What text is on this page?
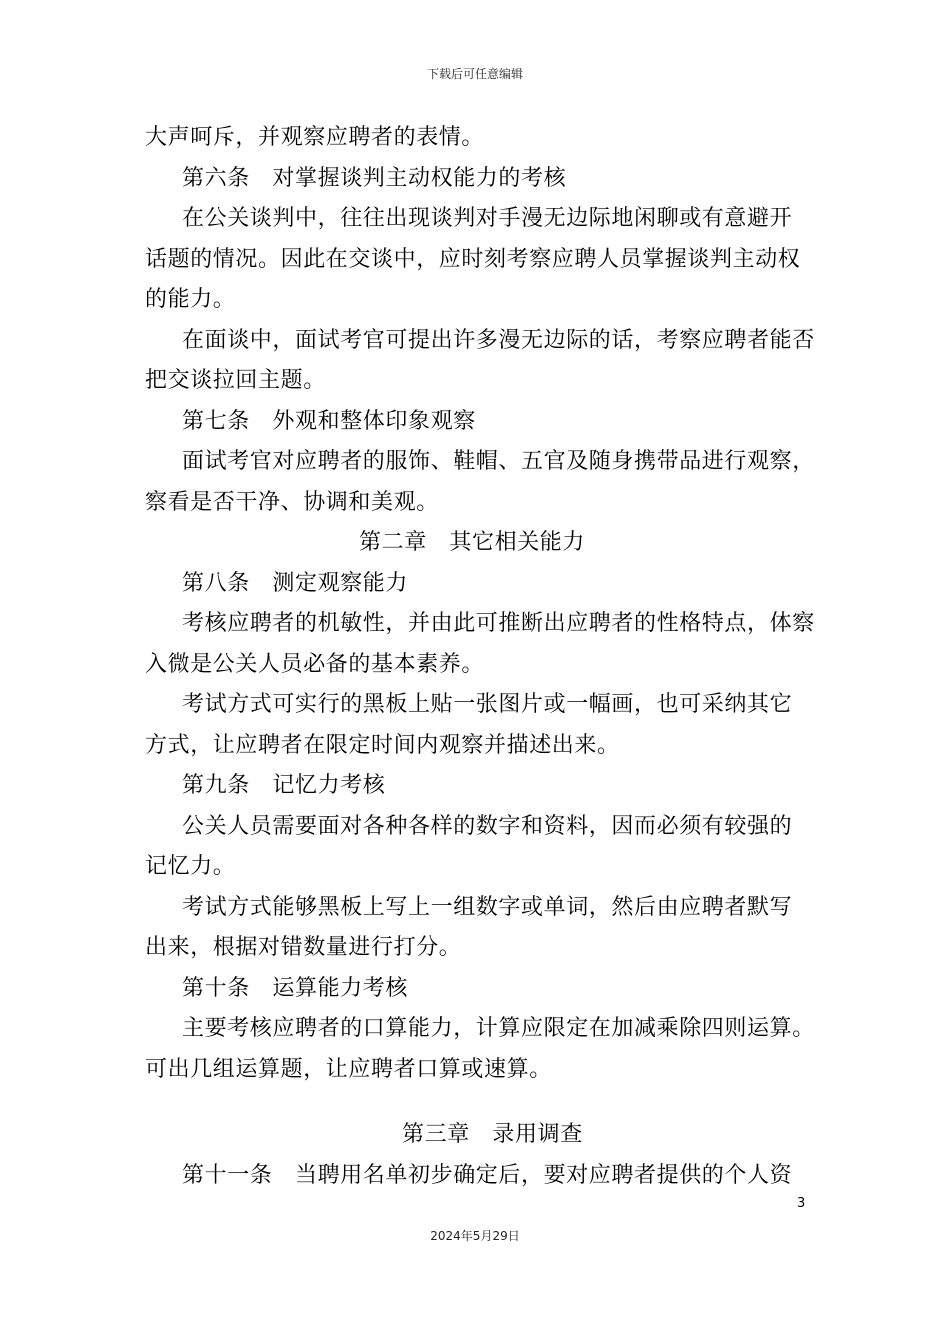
下载后可任意编辑
大声呵斥，并观察应聘者的表情。
第六条　对掌握谈判主动权能力的考核
在公关谈判中，往往出现谈判对手漫无边际地闲聊或有意避开
话题的情况。因此在交谈中，应时刻考察应聘人员掌握谈判主动权
的能力。
在面谈中，面试考官可提出许多漫无边际的话，考察应聘者能否
把交谈拉回主题。
第七条　外观和整体印象观察
面试考官对应聘者的服饰、鞋帽、五官及随身携带品进行观察，
察看是否干净、协调和美观。
第二章　其它相关能力
第八条　测定观察能力
考核应聘者的机敏性，并由此可推断出应聘者的性格特点，体察
入微是公关人员必备的基本素养。
考试方式可实行的黑板上贴一张图片或一幅画，也可采纳其它
方式，让应聘者在限定时间内观察并描述出来。
第九条　记忆力考核
公关人员需要面对各种各样的数字和资料，因而必须有较强的
记忆力。
考试方式能够黑板上写上一组数字或单词，然后由应聘者默写
出来，根据对错数量进行打分。
第十条　运算能力考核
主要考核应聘者的口算能力，计算应限定在加减乘除四则运算。
可出几组运算题，让应聘者口算或速算。
第三章　录用调查
第十一条　当聘用名单初步确定后，要对应聘者提供的个人资
3
2024年5月29日
